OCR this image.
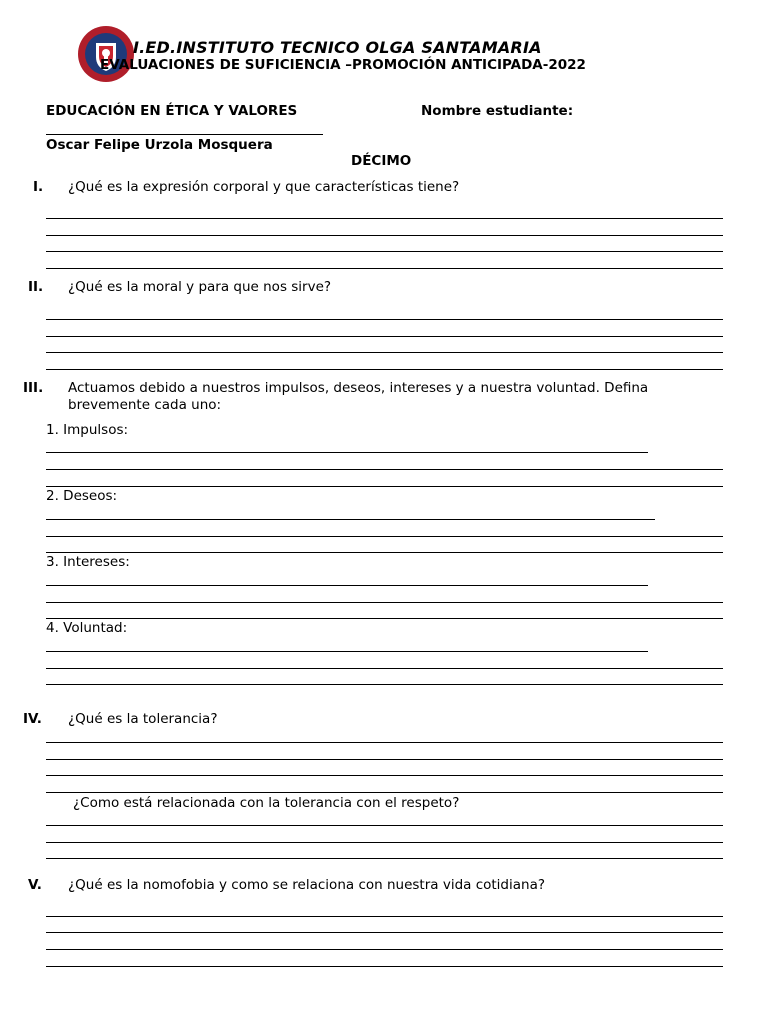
I.ED.INSTITUTO TECNICO OLGA SANTAMARIA
EVALUACIONES DE SUFICIENCIA –PROMOCIÓN ANTICIPADA-2022
EDUCACIÓN EN ÉTICA Y VALORES	Nombre estudiante:
Oscar Felipe Urzola Mosquera
DÉCIMO
I. ¿Qué es la expresión corporal y que características tiene?
II. ¿Qué es la moral y para que nos sirve?
III. Actuamos debido a nuestros impulsos, deseos, intereses y a nuestra voluntad. Defina brevemente cada uno:
1. Impulsos:
2. Deseos:
3. Intereses:
4. Voluntad:
IV. ¿Qué es la tolerancia?
¿Como está relacionada con la tolerancia con el respeto?
V. ¿Qué es la nomofobia y como se relaciona con nuestra vida cotidiana?
